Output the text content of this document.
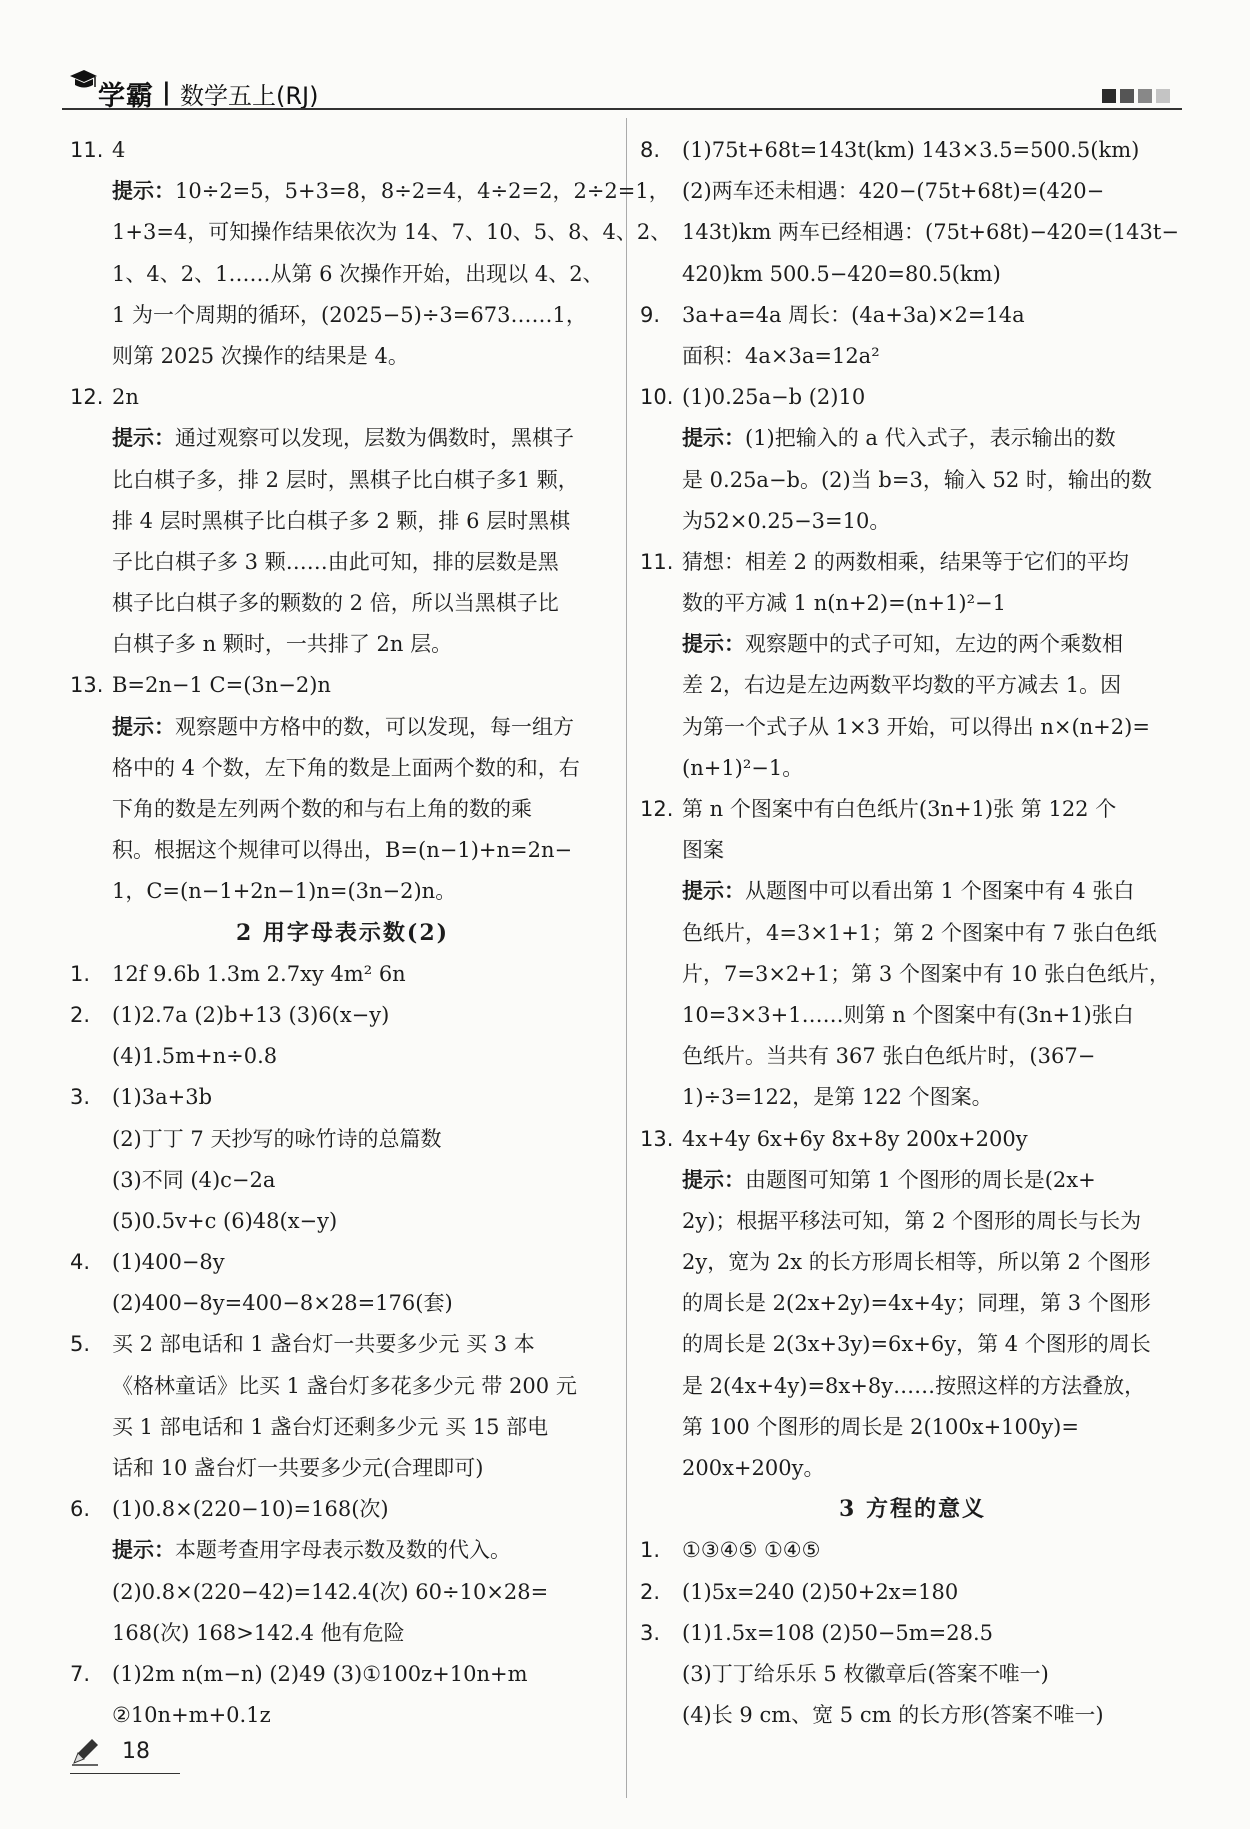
学霸 | 数学五上(RJ)
11. 4
提示：10÷2=5，5+3=8，8÷2=4，4÷2=2，2÷2=1，
1+3=4，可知操作结果依次为 14、7、10、5、8、4、2、
1、4、2、1……从第 6 次操作开始，出现以 4、2、
1 为一个周期的循环，(2025−5)÷3=673……1，
则第 2025 次操作的结果是 4。
12. 2n
提示：通过观察可以发现，层数为偶数时，黑棋子
比白棋子多，排 2 层时，黑棋子比白棋子多1 颗，
排 4 层时黑棋子比白棋子多 2 颗，排 6 层时黑棋
子比白棋子多 3 颗……由此可知，排的层数是黑
棋子比白棋子多的颗数的 2 倍，所以当黑棋子比
白棋子多 n 颗时，一共排了 2n 层。
13. B=2n−1 C=(3n−2)n
提示：观察题中方格中的数，可以发现，每一组方
格中的 4 个数，左下角的数是上面两个数的和，右
下角的数是左列两个数的和与右上角的数的乘
积。根据这个规律可以得出，B=(n−1)+n=2n−
1，C=(n−1+2n−1)n=(3n−2)n。
2 用字母表示数(2)
1. 12f 9.6b 1.3m 2.7xy 4m² 6n
2. (1)2.7a (2)b+13 (3)6(x−y)
(4)1.5m+n÷0.8
3. (1)3a+3b
(2)丁丁 7 天抄写的咏竹诗的总篇数
(3)不同 (4)c−2a
(5)0.5v+c (6)48(x−y)
4. (1)400−8y
(2)400−8y=400−8×28=176(套)
5. 买 2 部电话和 1 盏台灯一共要多少元 买 3 本
《格林童话》比买 1 盏台灯多花多少元 带 200 元
买 1 部电话和 1 盏台灯还剩多少元 买 15 部电
话和 10 盏台灯一共要多少元(合理即可)
6. (1)0.8×(220−10)=168(次)
提示：本题考查用字母表示数及数的代入。
(2)0.8×(220−42)=142.4(次) 60÷10×28=
168(次) 168>142.4 他有危险
7. (1)2m n(m−n) (2)49 (3)①100z+10n+m
②10n+m+0.1z
8. (1)75t+68t=143t(km) 143×3.5=500.5(km)
(2)两车还未相遇：420−(75t+68t)=(420−
143t)km 两车已经相遇：(75t+68t)−420=(143t−
420)km 500.5−420=80.5(km)
9. 3a+a=4a 周长：(4a+3a)×2=14a
面积：4a×3a=12a²
10. (1)0.25a−b (2)10
提示：(1)把输入的 a 代入式子，表示输出的数
是 0.25a−b。(2)当 b=3，输入 52 时，输出的数
为52×0.25−3=10。
11. 猜想：相差 2 的两数相乘，结果等于它们的平均
数的平方减 1 n(n+2)=(n+1)²−1
提示：观察题中的式子可知，左边的两个乘数相
差 2，右边是左边两数平均数的平方减去 1。因
为第一个式子从 1×3 开始，可以得出 n×(n+2)=
(n+1)²−1。
12. 第 n 个图案中有白色纸片(3n+1)张 第 122 个
图案
提示：从题图中可以看出第 1 个图案中有 4 张白
色纸片，4=3×1+1；第 2 个图案中有 7 张白色纸
片，7=3×2+1；第 3 个图案中有 10 张白色纸片，
10=3×3+1……则第 n 个图案中有(3n+1)张白
色纸片。当共有 367 张白色纸片时，(367−
1)÷3=122，是第 122 个图案。
13. 4x+4y 6x+6y 8x+8y 200x+200y
提示：由题图可知第 1 个图形的周长是(2x+
2y)；根据平移法可知，第 2 个图形的周长与长为
2y，宽为 2x 的长方形周长相等，所以第 2 个图形
的周长是 2(2x+2y)=4x+4y；同理，第 3 个图形
的周长是 2(3x+3y)=6x+6y，第 4 个图形的周长
是 2(4x+4y)=8x+8y……按照这样的方法叠放，
第 100 个图形的周长是 2(100x+100y)=
200x+200y。
3 方程的意义
1. ①③④⑤ ①④⑤
2. (1)5x=240 (2)50+2x=180
3. (1)1.5x=108 (2)50−5m=28.5
(3)丁丁给乐乐 5 枚徽章后(答案不唯一)
(4)长 9 cm、宽 5 cm 的长方形(答案不唯一)
18
